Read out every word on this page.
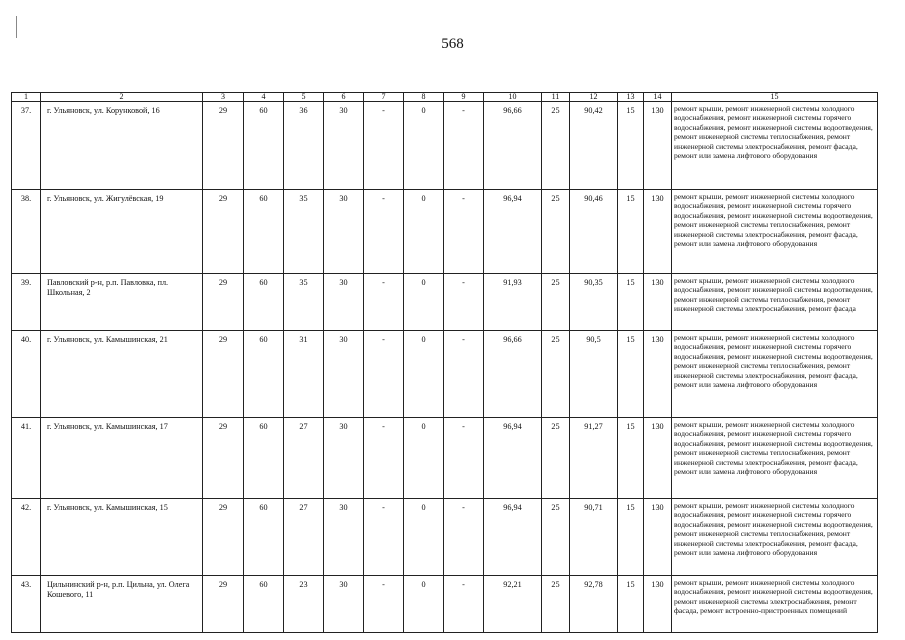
568
1	2	3	4	5	6	7	8	9	10	11	12	13	14	15
37.	г. Ульяновск, ул. Корунковой, 16	29	60	36	30	-	0	-	96,66	25	90,42	15	130	ремонт крыши, ремонт инженерной системы холодного водоснабжения, ремонт инженерной системы горячего водоснабжения, ремонт инженерной системы водоотведения, ремонт инженерной системы теплоснабжения, ремонт инженерной системы электроснабжения, ремонт фасада, ремонт или замена лифтового оборудования
38.	г. Ульяновск, ул. Жигулёвская, 19	29	60	35	30	-	0	-	96,94	25	90,46	15	130	ремонт крыши, ремонт инженерной системы холодного водоснабжения, ремонт инженерной системы горячего водоснабжения, ремонт инженерной системы водоотведения, ремонт инженерной системы теплоснабжения, ремонт инженерной системы электроснабжения, ремонт фасада, ремонт или замена лифтового оборудования
39.	Павловский р-н, р.п. Павловка, пл. Школьная, 2	29	60	35	30	-	0	-	91,93	25	90,35	15	130	ремонт крыши, ремонт инженерной системы холодного водоснабжения, ремонт инженерной системы водоотведения, ремонт инженерной системы теплоснабжения, ремонт инженерной системы электроснабжения, ремонт фасада
40.	г. Ульяновск, ул. Камышинская, 21	29	60	31	30	-	0	-	96,66	25	90,5	15	130	ремонт крыши, ремонт инженерной системы холодного водоснабжения, ремонт инженерной системы горячего водоснабжения, ремонт инженерной системы водоотведения, ремонт инженерной системы теплоснабжения, ремонт инженерной системы электроснабжения, ремонт фасада, ремонт или замена лифтового оборудования
41.	г. Ульяновск, ул. Камышинская, 17	29	60	27	30	-	0	-	96,94	25	91,27	15	130	ремонт крыши, ремонт инженерной системы холодного водоснабжения, ремонт инженерной системы горячего водоснабжения, ремонт инженерной системы водоотведения, ремонт инженерной системы теплоснабжения, ремонт инженерной системы электроснабжения, ремонт фасада, ремонт или замена лифтового оборудования
42.	г. Ульяновск, ул. Камышинская, 15	29	60	27	30	-	0	-	96,94	25	90,71	15	130	ремонт крыши, ремонт инженерной системы холодного водоснабжения, ремонт инженерной системы горячего водоснабжения, ремонт инженерной системы водоотведения, ремонт инженерной системы теплоснабжения, ремонт инженерной системы электроснабжения, ремонт фасада, ремонт или замена лифтового оборудования
43.	Цильнинский р-н, р.п. Цильна, ул. Олега Кошевого, 11	29	60	23	30	-	0	-	92,21	25	92,78	15	130	ремонт крыши, ремонт инженерной системы холодного водоснабжения, ремонт инженерной системы водоотведения, ремонт инженерной системы электроснабжения, ремонт фасада, ремонт встроенно-пристроенных помещений
